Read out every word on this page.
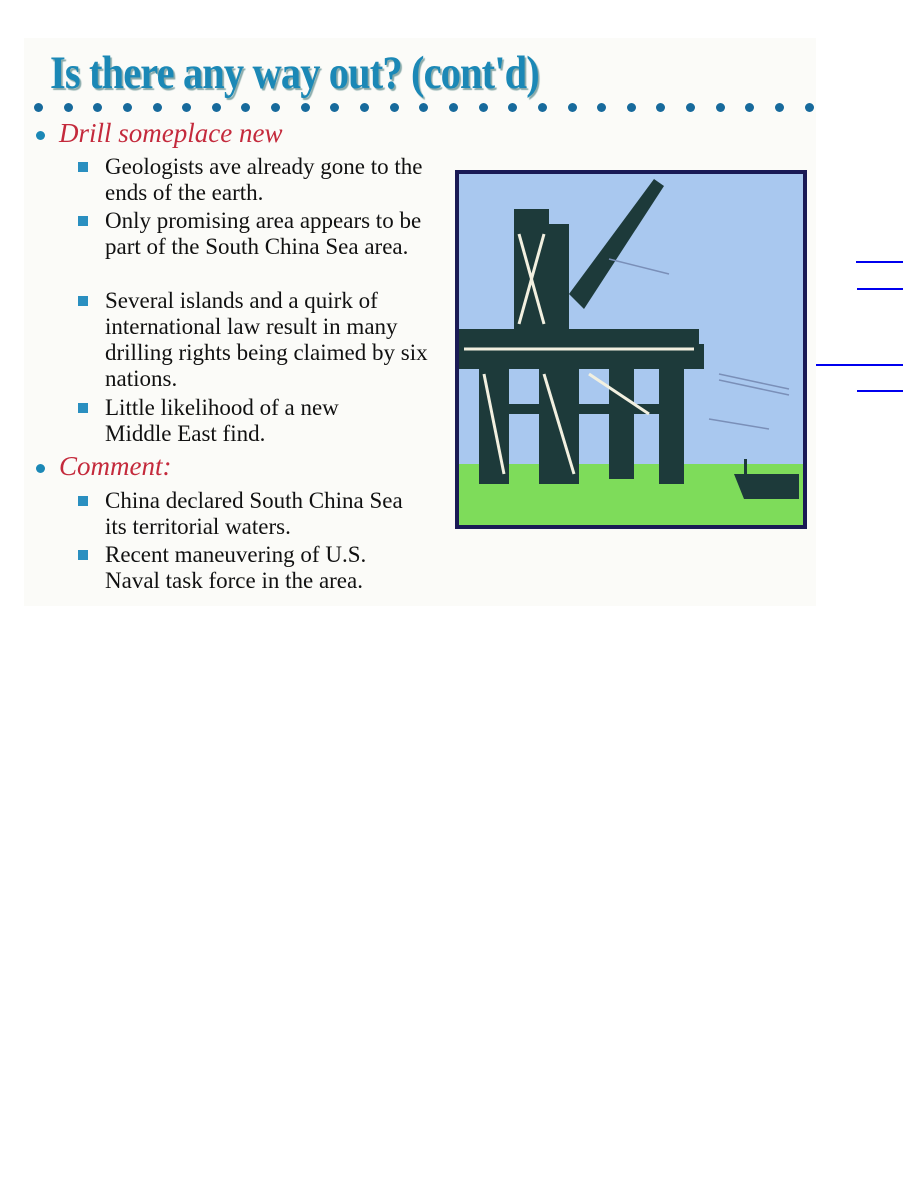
Is there any way out? (cont'd)
Drill someplace new
Geologists ave already gone to the ends of the earth.
Only promising area appears to be part of the South China Sea area.
Several islands and a quirk of international law result in many drilling rights being claimed by six nations.
Little likelihood of a new Middle East find.
Comment:
China declared South China Sea its territorial waters.
Recent maneuvering of U.S. Naval task force in the area.
